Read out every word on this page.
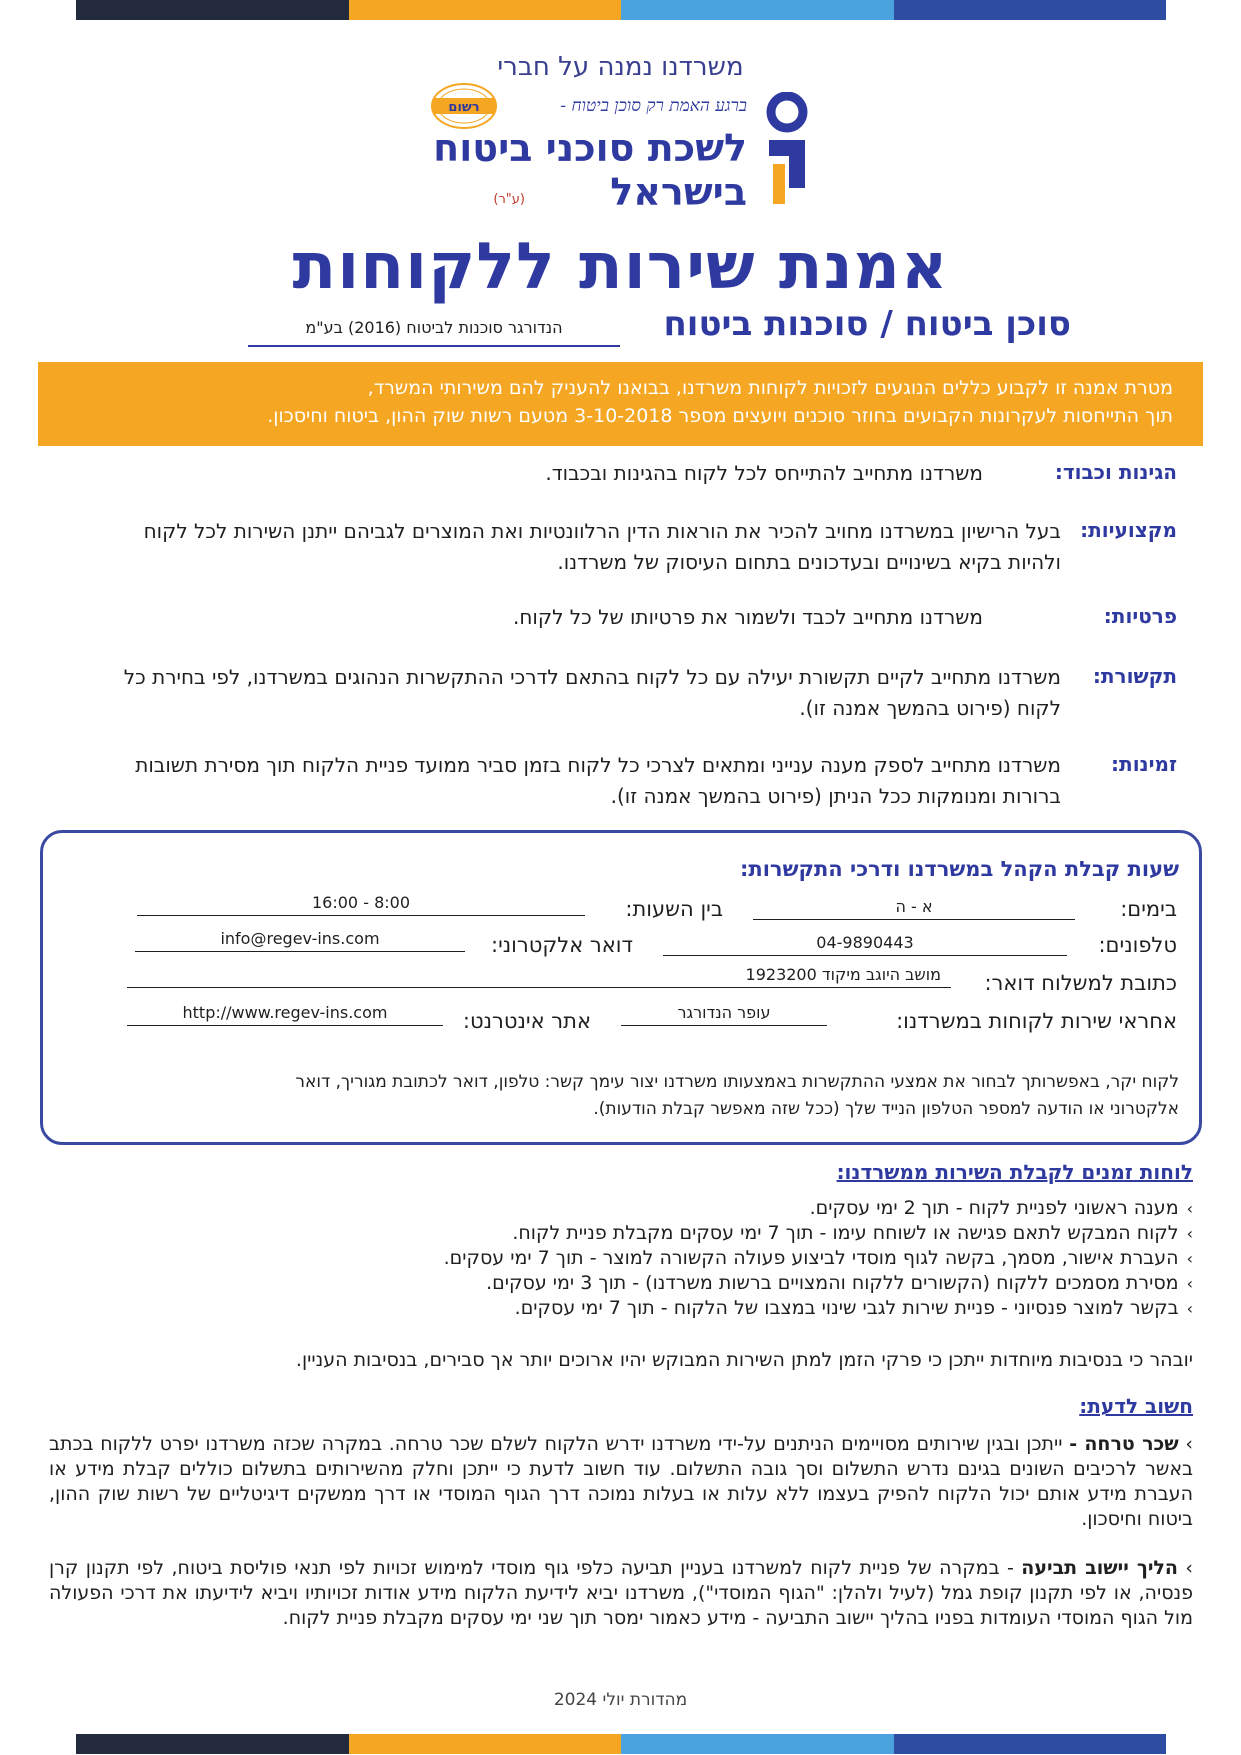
משרדנו נמנה על חברי
ברגע האמת רק סוכן ביטוח -
לשכת סוכני ביטוח
בישראל
(ע"ר)
רשום
אמנת שירות ללקוחות
סוכן ביטוח / סוכנות ביטוח
הנדורגר סוכנות לביטוח (2016) בע"מ

מטרת אמנה זו לקבוע כללים הנוגעים לזכויות לקוחות משרדנו, בבואנו להעניק להם משירותי המשרד,

תוך התייחסות לעקרונות הקבועים בחוזר סוכנים ויועצים מספר 3-10-2018 מטעם רשות שוק ההון, ביטוח וחיסכון.

הגינות וכבוד:
משרדנו מתחייב להתייחס לכל לקוח בהגינות ובכבוד.
מקצועיות:
בעל הרישיון במשרדנו מחויב להכיר את הוראות הדין הרלוונטיות ואת המוצרים לגביהם ייתנן השירות לכל לקוח ולהיות בקיא בשינויים ובעדכונים בתחום העיסוק של משרדנו.
פרטיות:
משרדנו מתחייב לכבד ולשמור את פרטיותו של כל לקוח.
תקשורת:
משרדנו מתחייב לקיים תקשורת יעילה עם כל לקוח בהתאם לדרכי ההתקשרות הנהוגים במשרדנו, לפי בחירת כל לקוח (פירוט בהמשך אמנה זו).
זמינות:
משרדנו מתחייב לספק מענה ענייני ומתאים לצרכי כל לקוח בזמן סביר ממועד פניית הלקוח תוך מסירת תשובות ברורות ומנומקות ככל הניתן (פירוט בהמשך אמנה זו).
שעות קבלת הקהל במשרדנו ודרכי התקשרות:
בימים:
א - ה
בין השעות:
8:00 - 16:00
טלפונים:
04-9890443
דואר אלקטרוני:
info@regev-ins.com
כתובת למשלוח דואר:
מושב היוגב מיקוד 1923200
אחראי שירות לקוחות במשרדנו:
עופר הנדורגר
אתר אינטרנט:
http://www.regev-ins.com
לקוח יקר, באפשרותך לבחור את אמצעי ההתקשרות באמצעותו משרדנו יצור עימך קשר: טלפון, דואר לכתובת מגוריך, דואר
אלקטרוני או הודעה למספר הטלפון הנייד שלך (ככל שזה מאפשר קבלת הודעות).
לוחות זמנים לקבלת השירות ממשרדנו:
› מענה ראשוני לפניית לקוח - תוך 2 ימי עסקים.
› לקוח המבקש לתאם פגישה או לשוחח עימו - תוך 7 ימי עסקים מקבלת פניית לקוח.
› העברת אישור, מסמך, בקשה לגוף מוסדי לביצוע פעולה הקשורה למוצר - תוך 7 ימי עסקים.
› מסירת מסמכים ללקוח (הקשורים ללקוח והמצויים ברשות משרדנו) - תוך 3 ימי עסקים.
› בקשר למוצר פנסיוני - פניית שירות לגבי שינוי במצבו של הלקוח - תוך 7 ימי עסקים.
יובהר כי בנסיבות מיוחדות ייתכן כי פרקי הזמן למתן השירות המבוקש יהיו ארוכים יותר אך סבירים, בנסיבות העניין.
חשוב לדעת:
› שכר טרחה - ייתכן ובגין שירותים מסויימים הניתנים על-ידי משרדנו ידרש הלקוח לשלם שכר טרחה. במקרה שכזה משרדנו יפרט ללקוח בכתב באשר לרכיבים השונים בגינם נדרש התשלום וסך גובה התשלום. עוד חשוב לדעת כי ייתכן וחלק מהשירותים בתשלום כוללים קבלת מידע או העברת מידע אותם יכול הלקוח להפיק בעצמו ללא עלות או בעלות נמוכה דרך הגוף המוסדי או דרך ממשקים דיגיטליים של רשות שוק ההון, ביטוח וחיסכון.
› הליך יישוב תביעה - במקרה של פניית לקוח למשרדנו בעניין תביעה כלפי גוף מוסדי למימוש זכויות לפי תנאי פוליסת ביטוח, לפי תקנון קרן פנסיה, או לפי תקנון קופת גמל (לעיל ולהלן: "הגוף המוסדי"), משרדנו יביא לידיעת הלקוח מידע אודות זכויותיו ויביא לידיעתו את דרכי הפעולה מול הגוף המוסדי העומדות בפניו בהליך יישוב התביעה - מידע כאמור ימסר תוך שני ימי עסקים מקבלת פניית לקוח.
מהדורת יולי 2024
